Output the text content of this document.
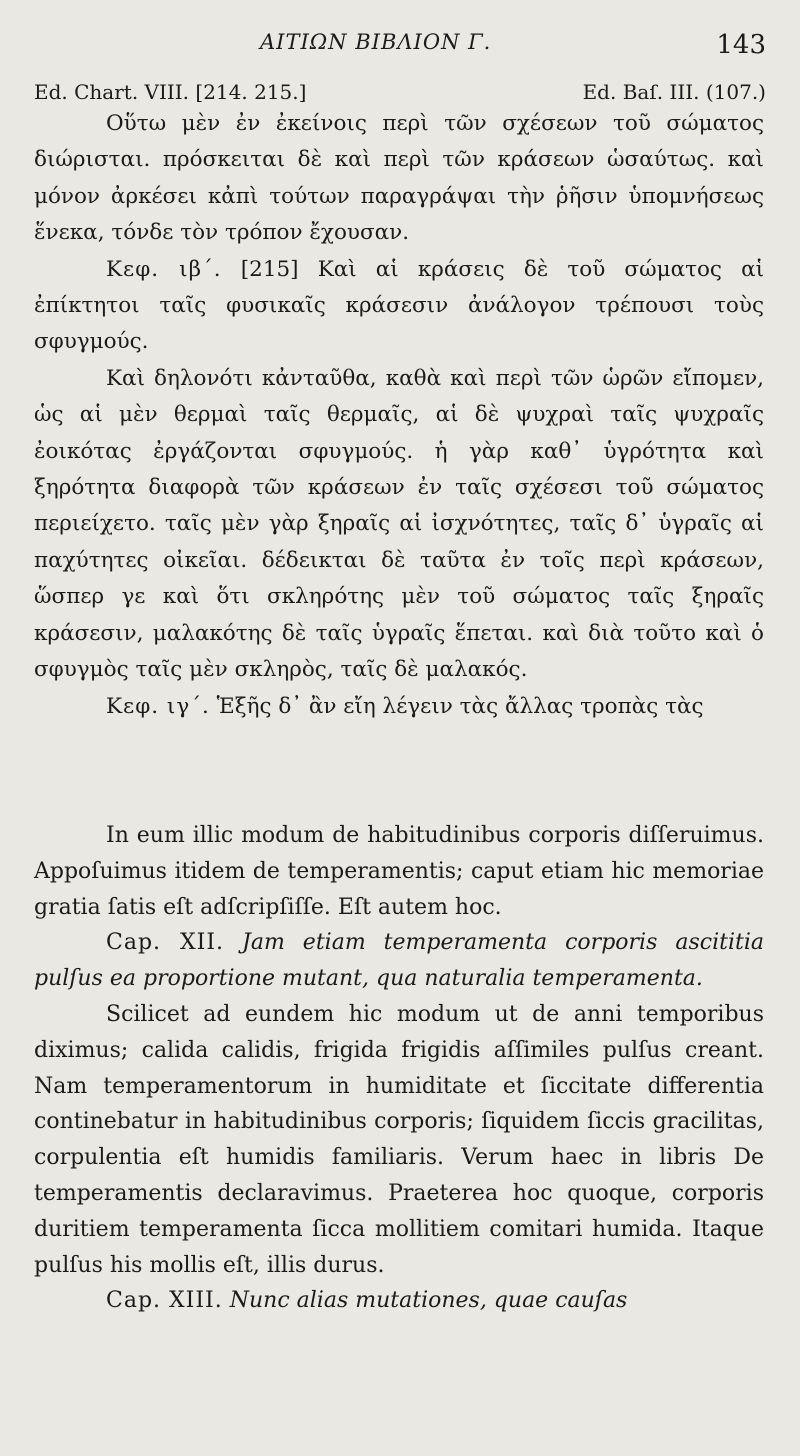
ΑΙΤΙΩΝ ΒΙΒΛΙΟΝ Γ.	143
Ed. Chart. VIII. [214. 215.]	Ed. Baſ. III. (107.)

Οὕτω μὲν ἐν ἐκείνοις περὶ τῶν σχέσεων τοῦ σώματος διώρισται. πρόσκειται δὲ καὶ περὶ τῶν κράσεων ὡσαύτως. καὶ μόνον ἀρκέσει κἀπὶ τούτων παραγράψαι τὴν ῥῆσιν ὑπομνήσεως ἕνεκα, τόνδε τὸν τρόπον ἔχουσαν.

Κεφ. ιβ΄. [215] Καὶ αἱ κράσεις δὲ τοῦ σώματος αἱ ἐπίκτητοι ταῖς φυσικαῖς κράσεσιν ἀνάλογον τρέπουσι τοὺς σφυγμούς.

Καὶ δηλονότι κἀνταῦθα, καθὰ καὶ περὶ τῶν ὡρῶν εἴπομεν, ὡς αἱ μὲν θερμαὶ ταῖς θερμαῖς, αἱ δὲ ψυχραὶ ταῖς ψυχραῖς ἐοικότας ἐργάζονται σφυγμούς. ἡ γὰρ καθ᾿ ὑγρότητα καὶ ξηρότητα διαφορὰ τῶν κράσεων ἐν ταῖς σχέσεσι τοῦ σώματος περιείχετο. ταῖς μὲν γὰρ ξηραῖς αἱ ἰσχνότητες, ταῖς δ᾿ ὑγραῖς αἱ παχύτητες οἰκεῖαι. δέδεικται δὲ ταῦτα ἐν τοῖς περὶ κράσεων, ὥσπερ γε καὶ ὅτι σκληρότης μὲν τοῦ σώματος ταῖς ξηραῖς κράσεσιν, μαλακότης δὲ ταῖς ὑγραῖς ἕπεται. καὶ διὰ τοῦτο καὶ ὁ σφυγμὸς ταῖς μὲν σκληρὸς, ταῖς δὲ μαλακός.

Κεφ. ιγ΄. Ἑξῆς δ᾿ ἂν εἴη λέγειν τὰς ἄλλας τροπὰς τὰς

In eum illic modum de habitudinibus corporis diſſeruimus. Appoſuimus itidem de temperamentis; caput etiam hic memoriae gratia ſatis eſt adſcripſiſſe. Eſt autem hoc.

Cap. XII. Jam etiam temperamenta corporis ascititia pulſus ea proportione mutant, qua naturalia temperamenta.

Scilicet ad eundem hic modum ut de anni temporibus diximus; calida calidis, frigida frigidis aſſimiles pulſus creant. Nam temperamentorum in humiditate et ſiccitate differentia continebatur in habitudinibus corporis; ſiquidem ſiccis gracilitas, corpulentia eſt humidis familiaris. Verum haec in libris De temperamentis declaravimus. Praeterea hoc quoque, corporis duritiem temperamenta ſicca mollitiem comitari humida. Itaque pulſus his mollis eſt, illis durus.

Cap. XIII. Nunc alias mutationes, quae cauſas
